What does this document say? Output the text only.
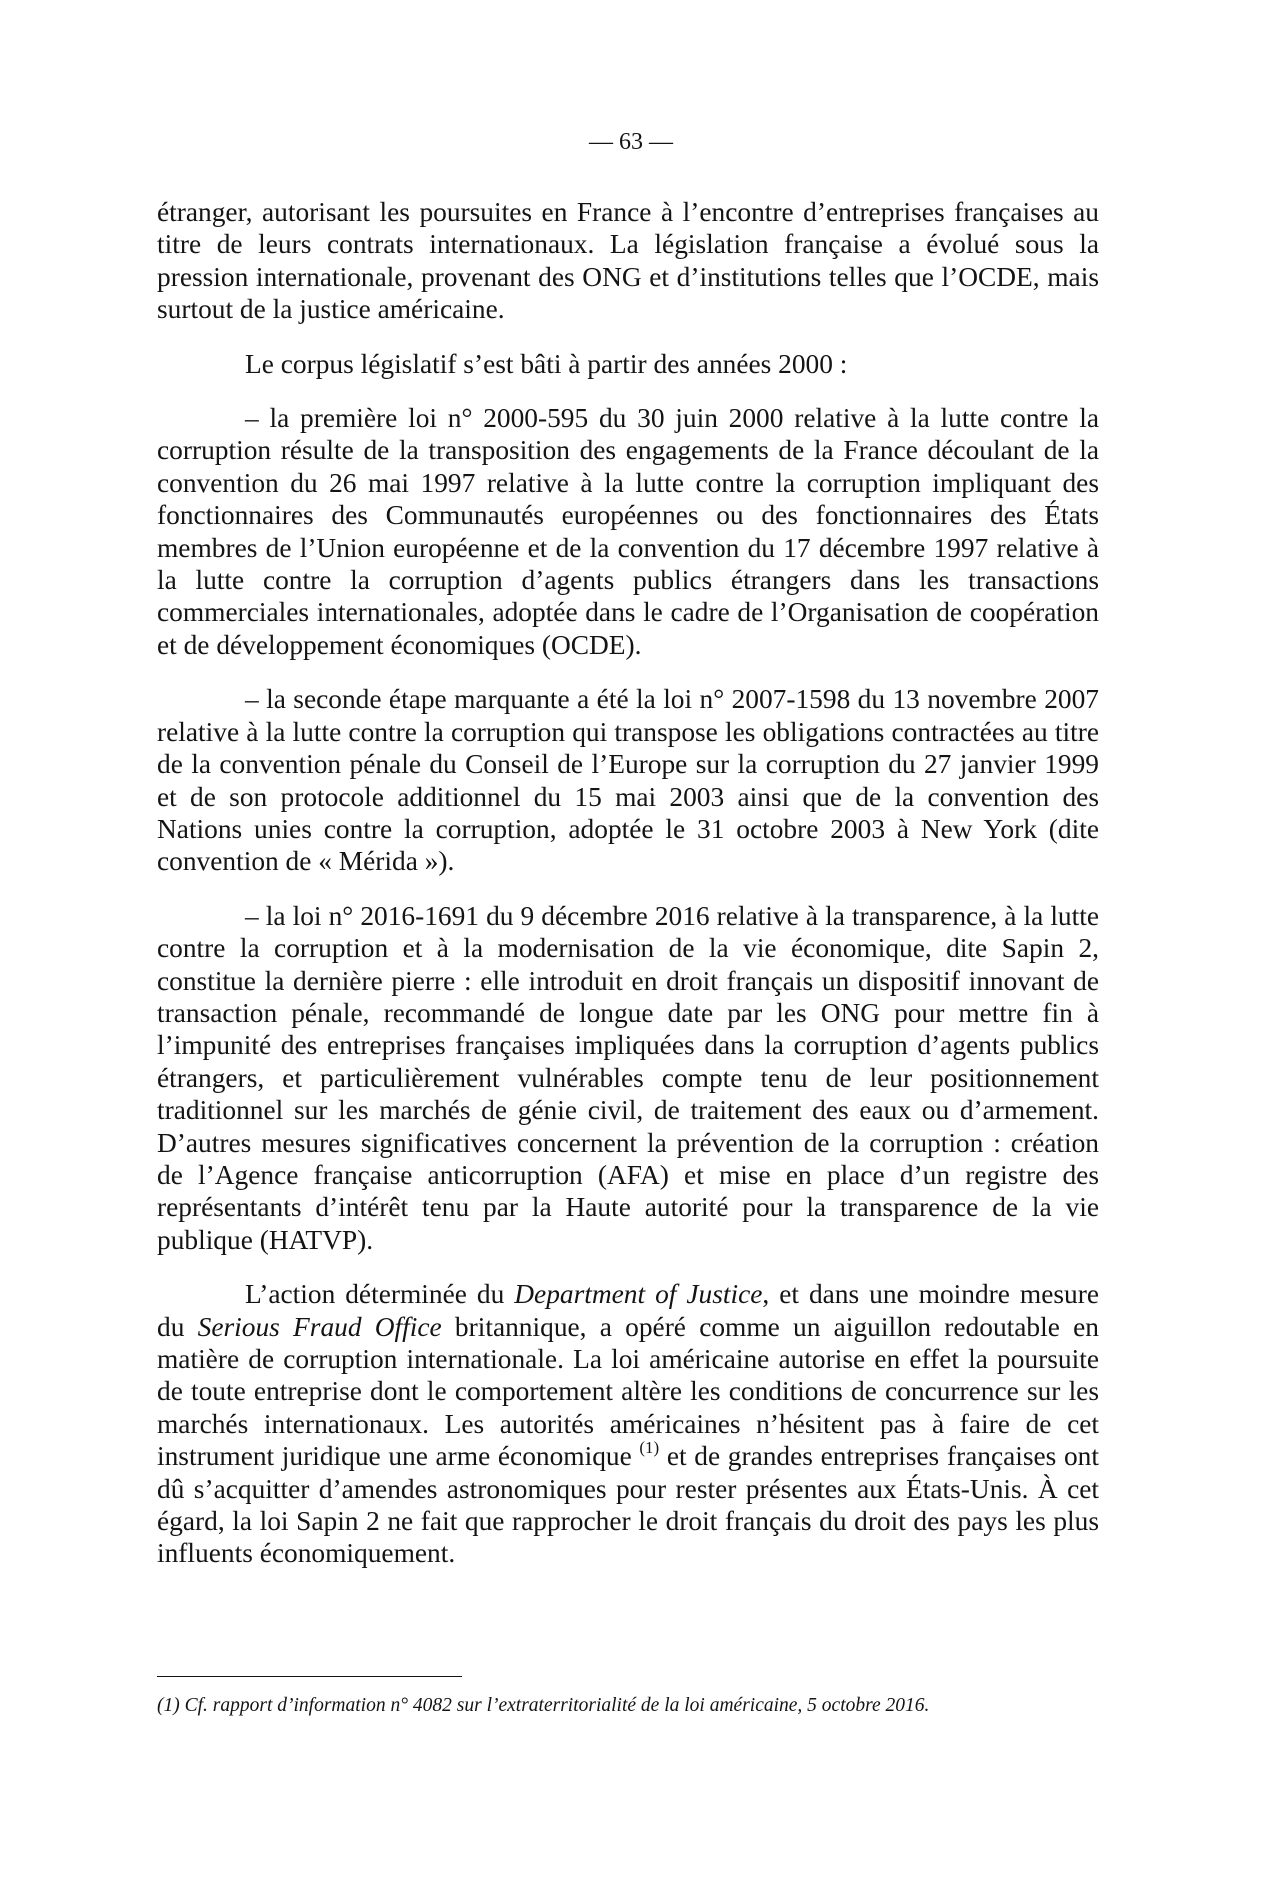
— 63 —

étranger, autorisant les poursuites en France à l’encontre d’entreprises françaises au titre de leurs contrats internationaux. La législation française a évolué sous la pression internationale, provenant des ONG et d’institutions telles que l’OCDE, mais surtout de la justice américaine.

Le corpus législatif s’est bâti à partir des années 2000 :

– la première loi n° 2000-595 du 30 juin 2000 relative à la lutte contre la corruption résulte de la transposition des engagements de la France découlant de la convention du 26 mai 1997 relative à la lutte contre la corruption impliquant des fonctionnaires des Communautés européennes ou des fonctionnaires des États membres de l’Union européenne et de la convention du 17 décembre 1997 relative à la lutte contre la corruption d’agents publics étrangers dans les transactions commerciales internationales, adoptée dans le cadre de l’Organisation de coopération et de développement économiques (OCDE).

– la seconde étape marquante a été la loi n° 2007-1598 du 13 novembre 2007 relative à la lutte contre la corruption qui transpose les obligations contractées au titre de la convention pénale du Conseil de l’Europe sur la corruption du 27 janvier 1999 et de son protocole additionnel du 15 mai 2003 ainsi que de la convention des Nations unies contre la corruption, adoptée le 31 octobre 2003 à New York (dite convention de « Mérida »).

– la loi n° 2016-1691 du 9 décembre 2016 relative à la transparence, à la lutte contre la corruption et à la modernisation de la vie économique, dite Sapin 2, constitue la dernière pierre : elle introduit en droit français un dispositif innovant de transaction pénale, recommandé de longue date par les ONG pour mettre fin à l’impunité des entreprises françaises impliquées dans la corruption d’agents publics étrangers, et particulièrement vulnérables compte tenu de leur positionnement traditionnel sur les marchés de génie civil, de traitement des eaux ou d’armement. D’autres mesures significatives concernent la prévention de la corruption : création de l’Agence française anticorruption (AFA) et mise en place d’un registre des représentants d’intérêt tenu par la Haute autorité pour la transparence de la vie publique (HATVP).

L’action déterminée du Department of Justice, et dans une moindre mesure du Serious Fraud Office britannique, a opéré comme un aiguillon redoutable en matière de corruption internationale. La loi américaine autorise en effet la poursuite de toute entreprise dont le comportement altère les conditions de concurrence sur les marchés internationaux. Les autorités américaines n’hésitent pas à faire de cet instrument juridique une arme économique $^{(1)}$ et de grandes entreprises françaises ont dû s’acquitter d’amendes astronomiques pour rester présentes aux États-Unis. À cet égard, la loi Sapin 2 ne fait que rapprocher le droit français du droit des pays les plus influents économiquement.

(1) Cf. rapport d’information n° 4082 sur l’extraterritorialité de la loi américaine, 5 octobre 2016.
